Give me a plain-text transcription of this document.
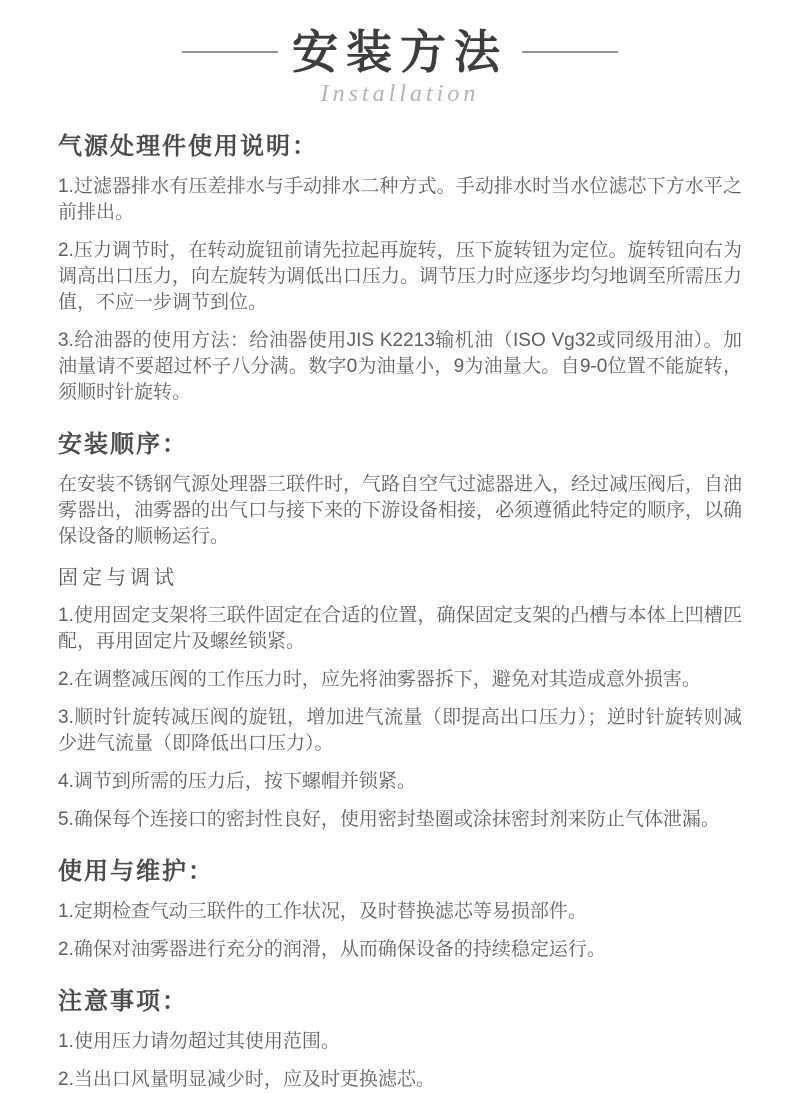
安装方法
Installation
气源处理件使用说明：

1.过滤器排水有压差排水与手动排水二种方式。手动排水时当水位滤芯下方水平之前排出。

2.压力调节时，在转动旋钮前请先拉起再旋转，压下旋转钮为定位。旋转钮向右为调高出口压力，向左旋转为调低出口压力。调节压力时应逐步均匀地调至所需压力值，不应一步调节到位。

3.给油器的使用方法：给油器使用JIS K2213输机油（ISO Vg32或同级用油）。加油量请不要超过杯子八分满。数字0为油量小，9为油量大。自9-0位置不能旋转，须顺时针旋转。

安装顺序：

在安装不锈钢气源处理器三联件时，气路自空气过滤器进入，经过减压阀后，自油雾器出，油雾器的出气口与接下来的下游设备相接，必须遵循此特定的顺序，以确保设备的顺畅运行。

固定与调试

1.使用固定支架将三联件固定在合适的位置，确保固定支架的凸槽与本体上凹槽匹配，再用固定片及螺丝锁紧。

2.在调整减压阀的工作压力时，应先将油雾器拆下，避免对其造成意外损害。

3.顺时针旋转减压阀的旋钮，增加进气流量（即提高出口压力）；逆时针旋转则减少进气流量（即降低出口压力）。

4.调节到所需的压力后，按下螺帽并锁紧。

5.确保每个连接口的密封性良好，使用密封垫圈或涂抹密封剂来防止气体泄漏。

使用与维护：

1.定期检查气动三联件的工作状况，及时替换滤芯等易损部件。

2.确保对油雾器进行充分的润滑，从而确保设备的持续稳定运行。

注意事项：

1.使用压力请勿超过其使用范围。

2.当出口风量明显减少时，应及时更换滤芯。
